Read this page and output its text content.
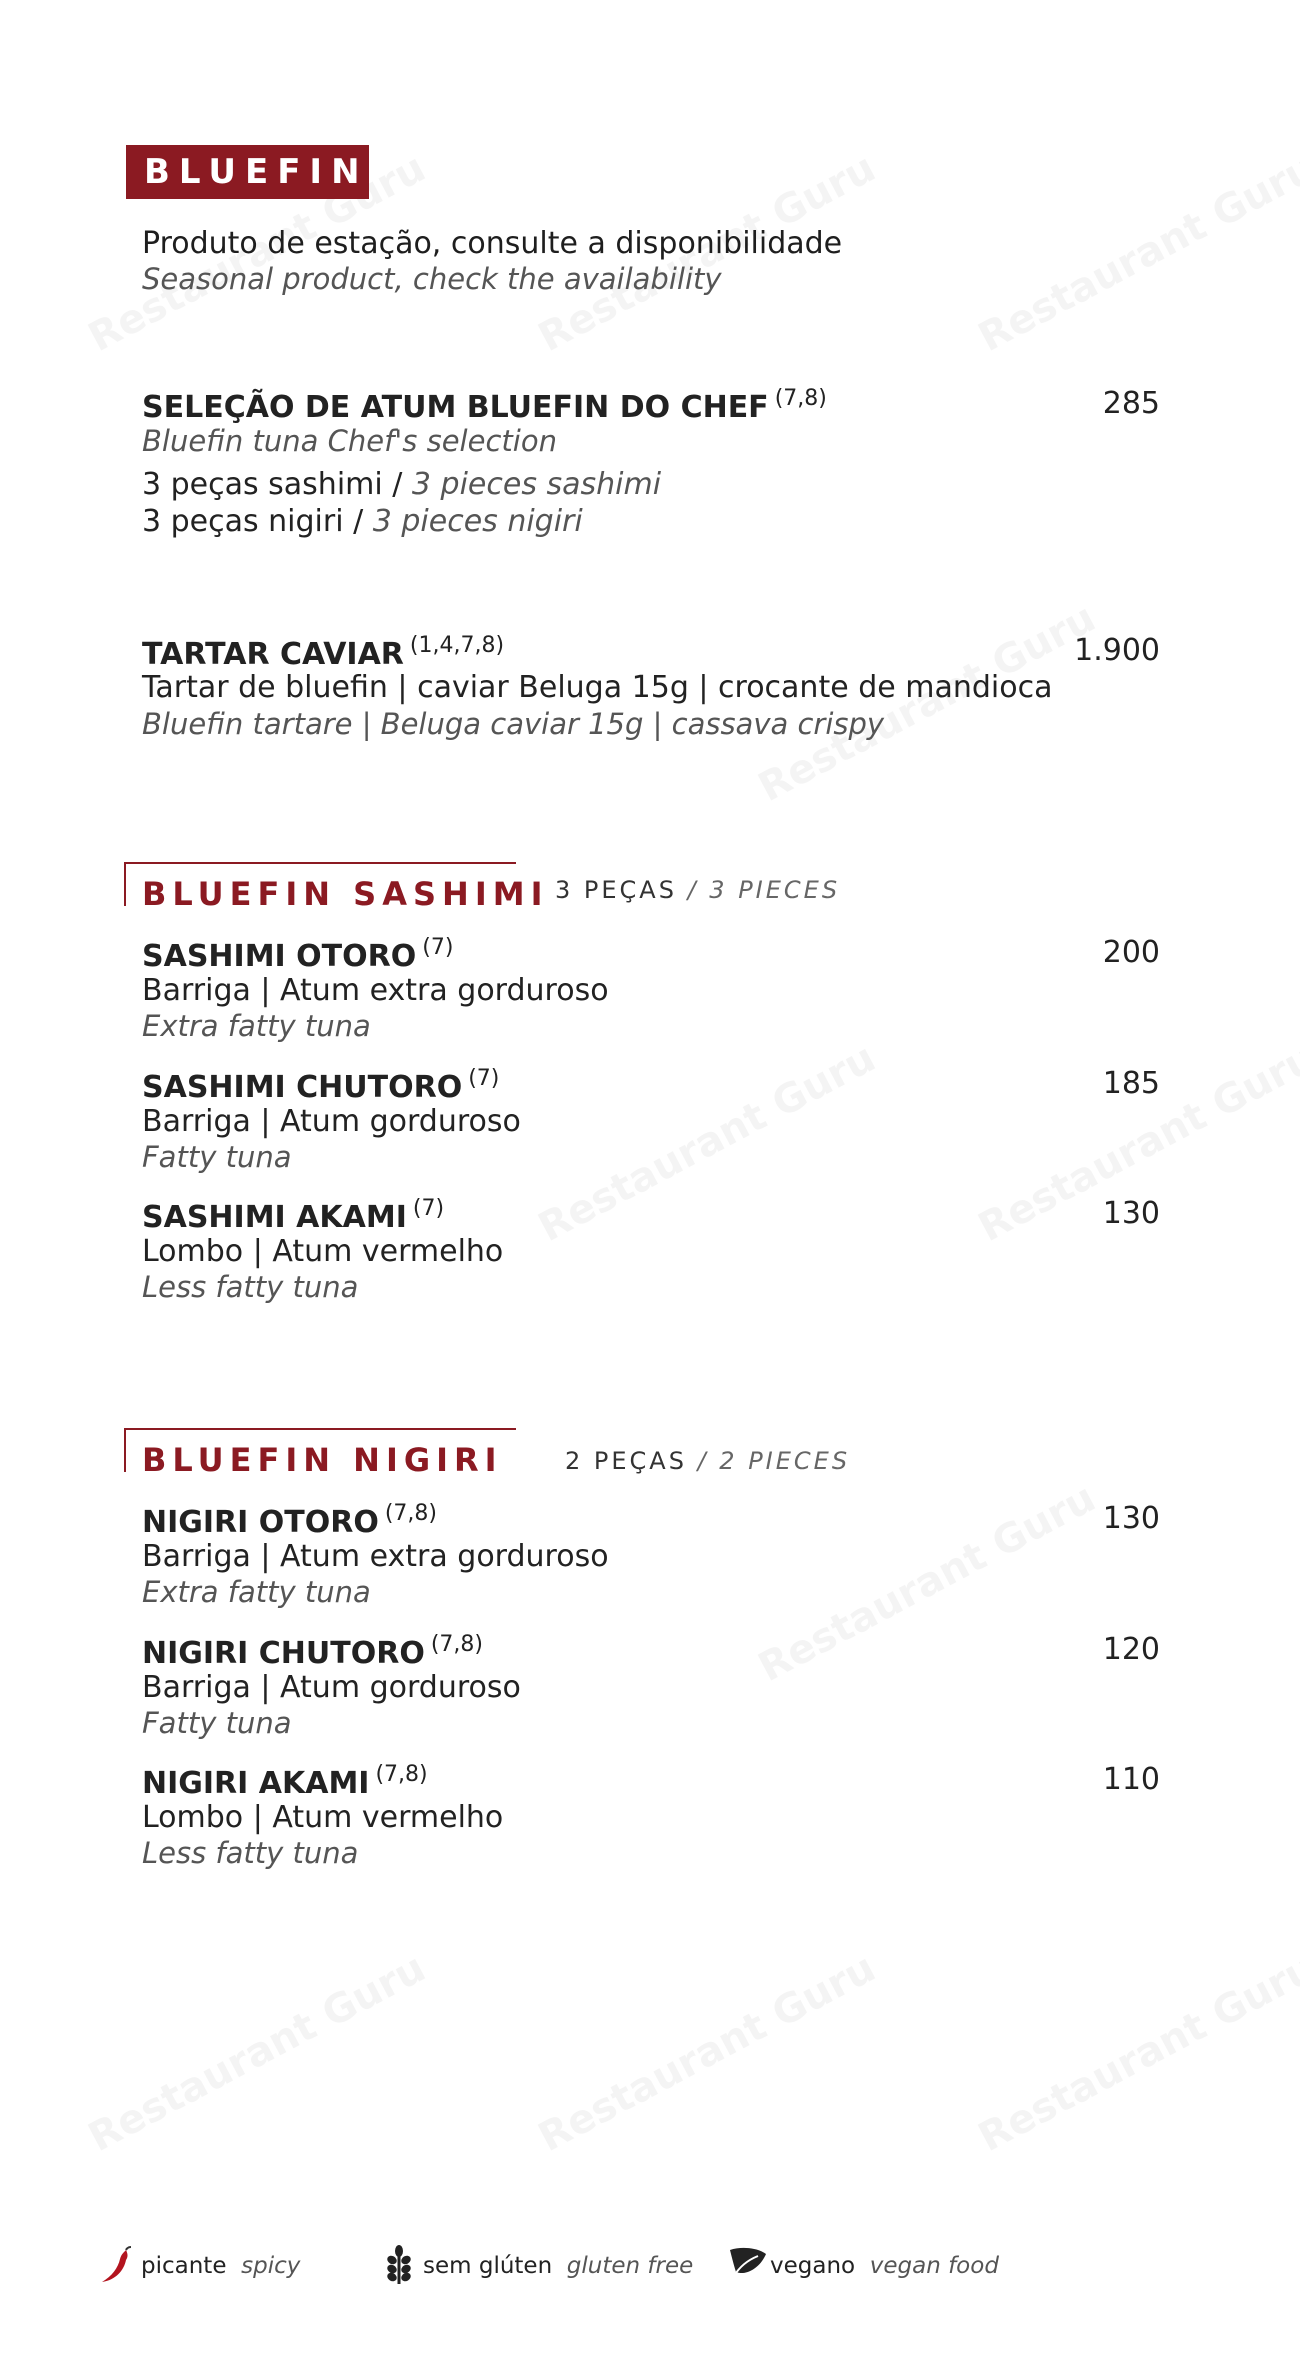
BLUEFIN
Produto de estação, consulte a disponibilidade
Seasonal product, check the availability
SELEÇÃO DE ATUM BLUEFIN DO CHEF $^{(7,8)}$	285
Bluefin tuna Chef's selection
3 peças sashimi / 3 pieces sashimi
3 peças nigiri / 3 pieces nigiri
TARTAR CAVIAR $^{(1,4,7,8)}$	1.900
Tartar de bluefin | caviar Beluga 15g | crocante de mandioca
Bluefin tartare | Beluga caviar 15g | cassava crispy
BLUEFIN SASHIMI 3 PEÇAS / 3 PIECES
SASHIMI OTORO $^{(7)}$	200
Barriga | Atum extra gorduroso
Extra fatty tuna
SASHIMI CHUTORO $^{(7)}$	185
Barriga | Atum gorduroso
Fatty tuna
SASHIMI AKAMI $^{(7)}$	130
Lombo | Atum vermelho
Less fatty tuna
BLUEFIN NIGIRI	2 PEÇAS / 2 PIECES
NIGIRI OTORO $^{(7,8)}$	130
Barriga | Atum extra gorduroso
Extra fatty tuna
NIGIRI CHUTORO $^{(7,8)}$	120
Barriga | Atum gorduroso
Fatty tuna
NIGIRI AKAMI $^{(7,8)}$	110
Lombo | Atum vermelho
Less fatty tuna
picante spicy	sem glúten gluten free	vegano vegan food
